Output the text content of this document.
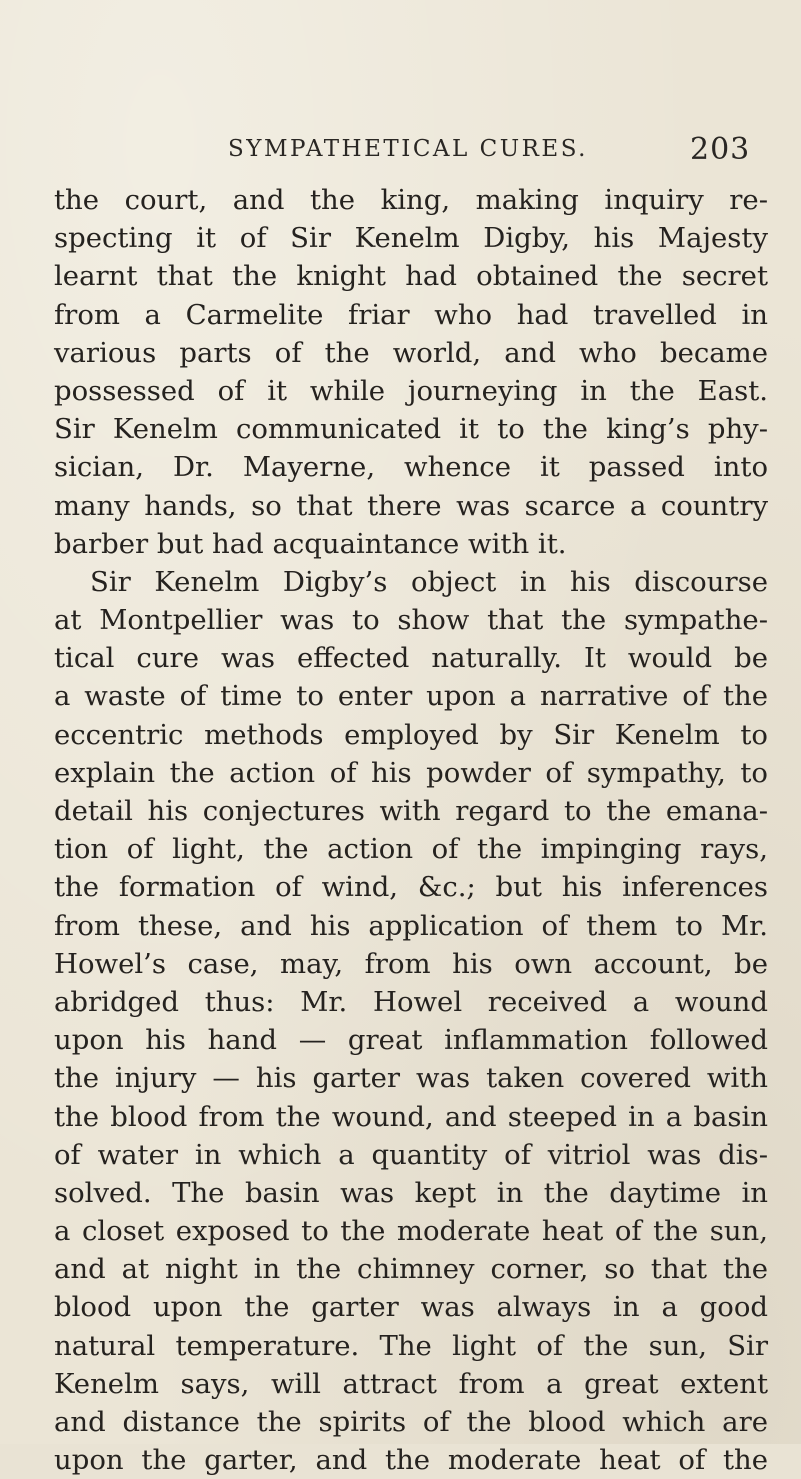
SYMPATHETICAL CURES.	203
the court, and the king, making inquiry re-
specting it of Sir Kenelm Digby, his Majesty
learnt that the knight had obtained the secret
from a Carmelite friar who had travelled in
various parts of the world, and who became
possessed of it while journeying in the East.
Sir Kenelm communicated it to the king’s phy-
sician, Dr. Mayerne, whence it passed into
many hands, so that there was scarce a country
barber but had acquaintance with it.
Sir Kenelm Digby’s object in his discourse
at Montpellier was to show that the sympathe-
tical cure was effected naturally. It would be
a waste of time to enter upon a narrative of the
eccentric methods employed by Sir Kenelm to
explain the action of his powder of sympathy, to
detail his conjectures with regard to the emana-
tion of light, the action of the impinging rays,
the formation of wind, &c.; but his inferences
from these, and his application of them to Mr.
Howel’s case, may, from his own account, be
abridged thus: Mr. Howel received a wound
upon his hand — great inflammation followed
the injury — his garter was taken covered with
the blood from the wound, and steeped in a basin
of water in which a quantity of vitriol was dis-
solved. The basin was kept in the daytime in
a closet exposed to the moderate heat of the sun,
and at night in the chimney corner, so that the
blood upon the garter was always in a good
natural temperature. The light of the sun, Sir
Kenelm says, will attract from a great extent
and distance the spirits of the blood which are
upon the garter, and the moderate heat of the
